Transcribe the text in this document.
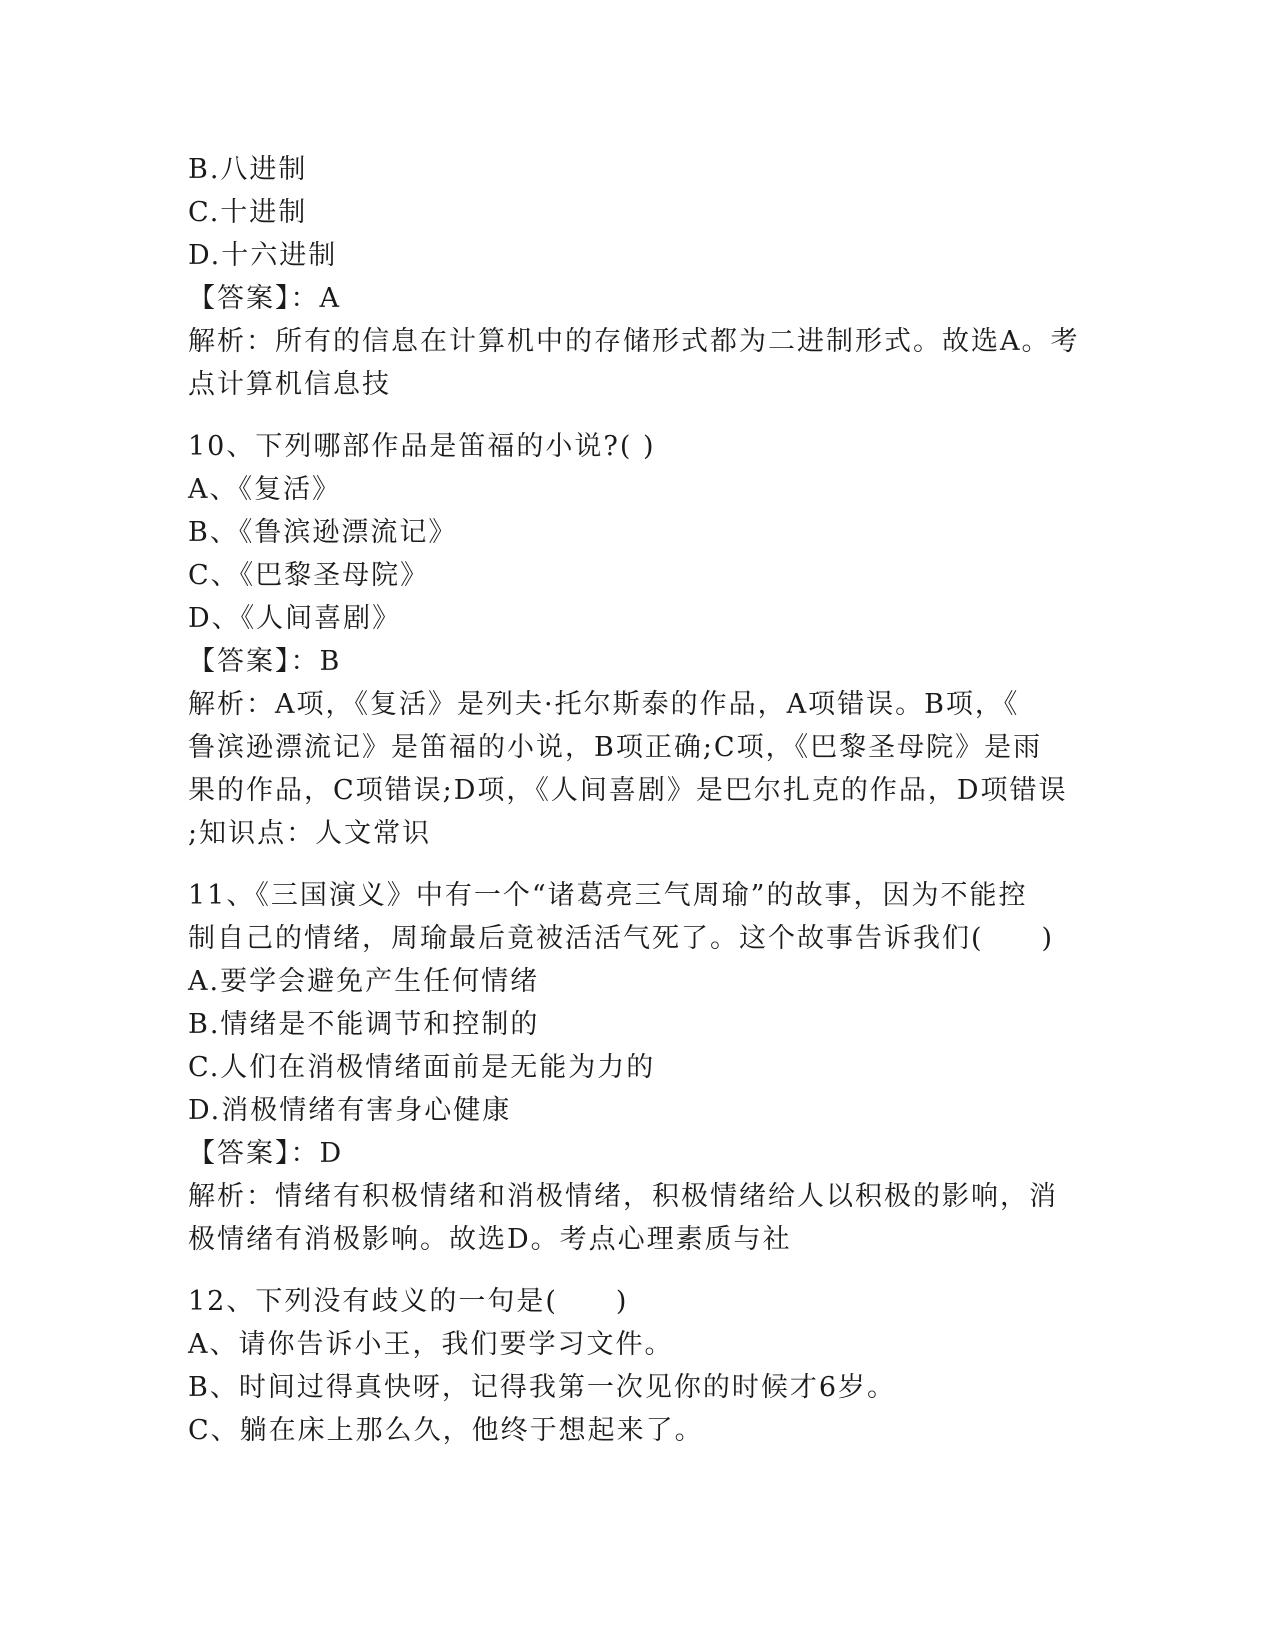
B.八进制
C.十进制
D.十六进制
【答案】：A
解析：所有的信息在计算机中的存储形式都为二进制形式。故选A。考
点计算机信息技
10、下列哪部作品是笛福的小说?( )
A、《复活》
B、《鲁滨逊漂流记》
C、《巴黎圣母院》
D、《人间喜剧》
【答案】：B
解析：A项，《复活》是列夫·托尔斯泰的作品，A项错误。B项，《
鲁滨逊漂流记》是笛福的小说，B项正确;C项，《巴黎圣母院》是雨
果的作品，C项错误;D项，《人间喜剧》是巴尔扎克的作品，D项错误
;知识点：人文常识
11、《三国演义》中有一个“诸葛亮三气周瑜”的故事，因为不能控
制自己的情绪，周瑜最后竟被活活气死了。这个故事告诉我们(　　)
A.要学会避免产生任何情绪
B.情绪是不能调节和控制的
C.人们在消极情绪面前是无能为力的
D.消极情绪有害身心健康
【答案】：D
解析：情绪有积极情绪和消极情绪，积极情绪给人以积极的影响，消
极情绪有消极影响。故选D。考点心理素质与社
12、下列没有歧义的一句是(　　)
A、请你告诉小王，我们要学习文件。
B、时间过得真快呀，记得我第一次见你的时候才6岁。
C、躺在床上那么久，他终于想起来了。
